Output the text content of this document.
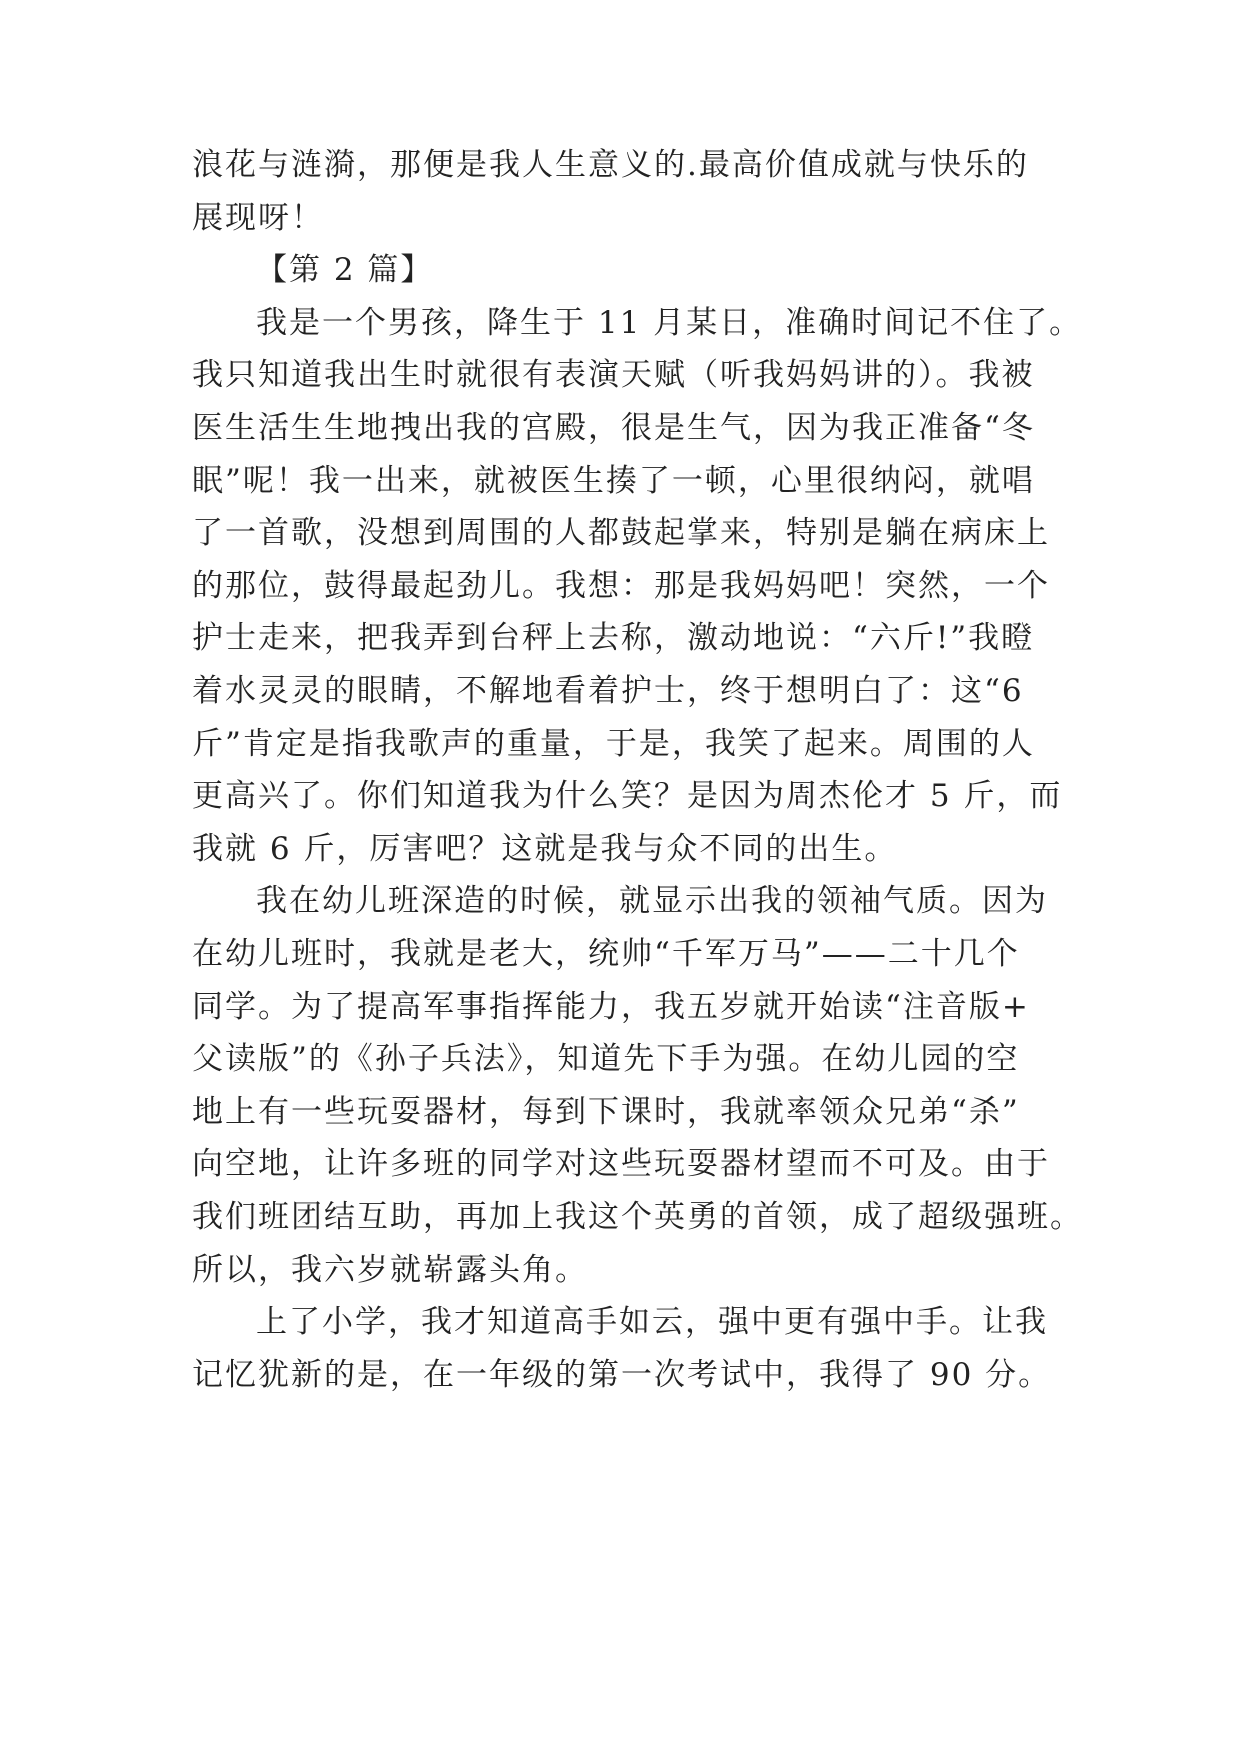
浪花与涟漪，那便是我人生意义的.最高价值成就与快乐的
展现呀！
【第 2 篇】
我是一个男孩，降生于 11 月某日，准确时间记不住了。
我只知道我出生时就很有表演天赋（听我妈妈讲的）。我被
医生活生生地拽出我的宫殿，很是生气，因为我正准备“冬
眠”呢！我一出来，就被医生揍了一顿，心里很纳闷，就唱
了一首歌，没想到周围的人都鼓起掌来，特别是躺在病床上
的那位，鼓得最起劲儿。我想：那是我妈妈吧！突然，一个
护士走来，把我弄到台秤上去称，激动地说：“六斤!”我瞪
着水灵灵的眼睛，不解地看着护士，终于想明白了：这“6
斤”肯定是指我歌声的重量，于是，我笑了起来。周围的人
更高兴了。你们知道我为什么笑？是因为周杰伦才 5 斤，而
我就 6 斤，厉害吧？这就是我与众不同的出生。
我在幼儿班深造的时候，就显示出我的领袖气质。因为
在幼儿班时，我就是老大，统帅“千军万马”——二十几个
同学。为了提高军事指挥能力，我五岁就开始读“注音版+
父读版”的《孙子兵法》，知道先下手为强。在幼儿园的空
地上有一些玩耍器材，每到下课时，我就率领众兄弟“杀”
向空地，让许多班的同学对这些玩耍器材望而不可及。由于
我们班团结互助，再加上我这个英勇的首领，成了超级强班。
所以，我六岁就崭露头角。
上了小学，我才知道高手如云，强中更有强中手。让我
记忆犹新的是，在一年级的第一次考试中，我得了 90 分。
